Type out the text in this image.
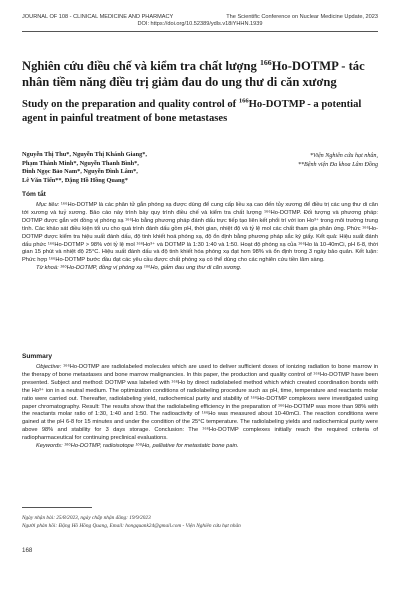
JOURNAL OF 108 - CLINICAL MEDICINE AND PHARMACY	The Scientific Conference on Nuclear Medicine Update, 2023
DOI: https://doi.org/10.52389/ydls.v18iYHHN.1939
Nghiên cứu điều chế và kiểm tra chất lượng $^{166}$Ho-DOTMP - tác nhân tiềm năng điều trị giảm đau do ung thư di căn xương
Study on the preparation and quality control of $^{166}$Ho-DOTMP - a potential agent in painful treatment of bone metastases
Nguyễn Thị Thu*, Nguyễn Thị Khánh Giang*,
Phạm Thành Minh*, Nguyễn Thanh Bình*,
Đinh Ngọc Bảo Nam*, Nguyễn Đình Lâm*,
Lê Văn Tiến**, Đặng Hồ Hồng Quang*
*Viện Nghiên cứu hạt nhân,
**Bệnh viện Đa khoa Lâm Đồng
Tóm tắt

Mục tiêu: ¹⁶⁶Ho-DOTMP là các phân tử gắn phóng xạ được dùng để cung cấp liều xạ cao đến tủy xương để điều trị các ung thư di căn tới xương và tuỷ xương. Bảo cáo này trình bày quy trình điều chế và kiểm tra chất lượng ¹⁶⁶Ho-DOTMP. Đối tượng và phương pháp: DOTMP được gắn với đồng vị phóng xạ ¹⁶⁶Ho bằng phương pháp đánh dấu trực tiếp tạo liên kết phối trí với ion Ho³⁺ trong môi trường trung tính. Các khảo sát điều kiện tối ưu cho quá trình đánh dấu gồm pH, thời gian, nhiệt độ và tỷ lệ mol các chất tham gia phản ứng. Phức ¹⁶⁶Ho-DOTMP được kiểm tra hiệu suất đánh dấu, độ tinh khiết hoá phóng xạ, độ ổn định bằng phương pháp sắc ký giấy. Kết quả: Hiệu suất đánh dấu phức ¹⁶⁶Ho-DOTMP > 98% với tỷ lệ mol ¹⁶⁶Ho³⁺ và DOTMP là 1:30 1:40 và 1:50. Hoạt độ phóng xạ của ¹⁶⁶Ho là 10-40mCi, pH 6-8, thời gian 15 phút và nhiệt độ 25°C. Hiệu suất đánh dấu và độ tinh khiết hóa phóng xạ đạt hơn 98% và ổn định trong 3 ngày bảo quản. Kết luận: Phức hợp ¹⁶⁶Ho-DOTMP bước đầu đạt các yêu cầu được chất phóng xạ có thể dùng cho các nghiên cứu tiền lâm sàng.

Từ khoá: ¹⁶⁶Ho-DOTMP, đồng vị phóng xạ ¹⁶⁶Ho, giảm đau ung thư di căn xương.

Summary

Objective: ¹⁶⁶Ho-DOTMP are radiolabeled molecules which are used to deliver sufficient doses of ionizing radiation to bone marrow in the therapy of bone metastases and bone marrow malignancies. In this paper, the production and quality control of ¹⁶⁶Ho-DOTMP have been presented. Subject and method: DOTMP was labeled with ¹⁶⁶Ho by direct radiolabeled method which which created coordination bonds with the Ho³⁺ ion in a neutral medium. The optimization conditions of radiolabeling procedure such as pH, time, temperature and reactants molar ratio were carried out. Thereafter, radiolabeling yield, radiochemical purity and stability of ¹⁶⁶Ho-DOTMP complexes were investigated using paper chromatography. Result: The results show that the radiolabeling efficiency in the preparation of ¹⁶⁶Ho-DOTMP was more than 98% with the reactants molar ratio of 1:30, 1:40 and 1:50. The radioactivity of ¹⁶⁶Ho was measured about 10-40mCi. The reaction conditions were gained at the pH 6-8 for 15 minutes and under the condition of the 25°C temperature. The radiolabeling yields and radiochemical purity were above 98% and stability for 3 days storage. Conclusion: The ¹⁶⁶Ho-DOTMP complexes initially reach the required criteria of radiopharmaceutical for continuing preclinical evaluations.

Keywords: ¹⁶⁶Ho-DOTMP, radioisotope ¹⁶⁶Ho, palliative for metastatic bone pain.

Ngày nhận bài: 25/8/2023, ngày chấp nhận đăng: 19/9/2023
Người phản hồi: Đặng Hồ Hồng Quang, Email: hongquank24@gmail.com - Viện Nghiên cứu hạt nhân
168
